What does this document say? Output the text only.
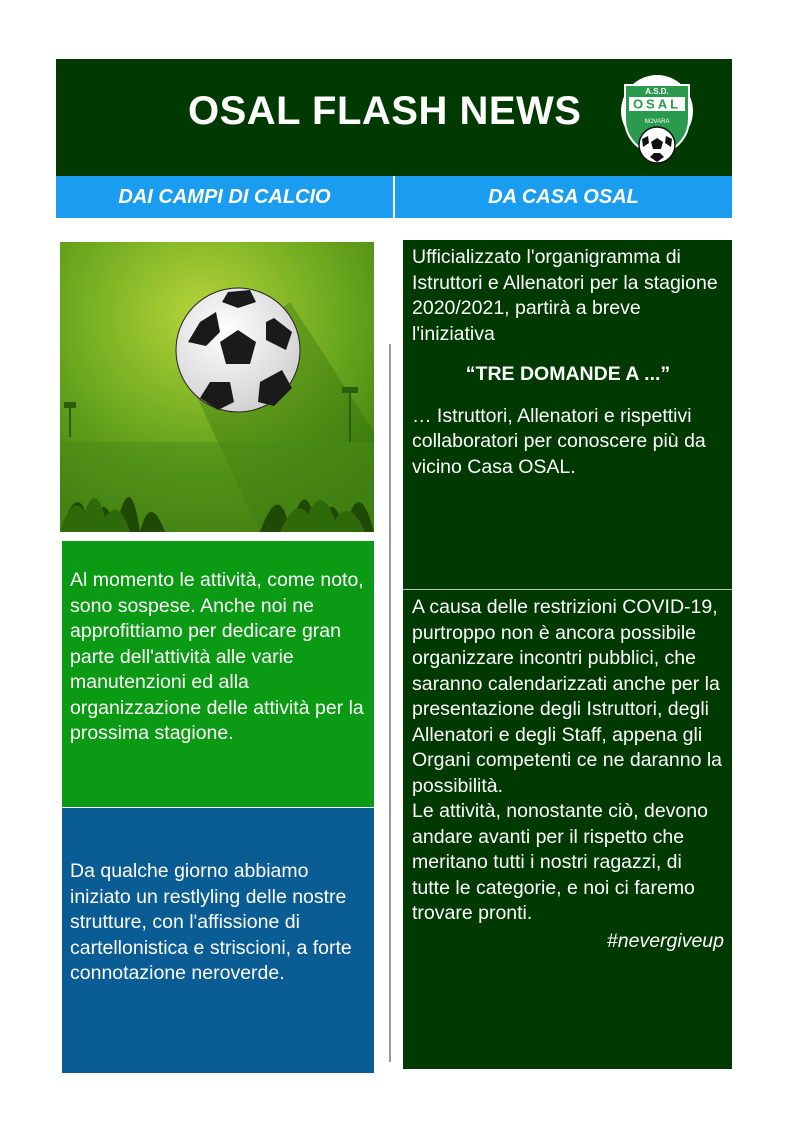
OSAL FLASH NEWS	A.S.D.
OSAL
NOVARA
DAI CAMPI DI CALCIO	DA CASA OSAL
Al momento le attività, come noto, sono sospese. Anche noi ne approfittiamo per dedicare gran parte dell'attività alle varie manutenzioni ed alla organizzazione delle attività per la prossima stagione.
Da qualche giorno abbiamo iniziato un restlyling delle nostre strutture, con l'affissione di cartellonistica e striscioni, a forte connotazione neroverde.
Ufficializzato l'organigramma di Istruttori e Allenatori per la stagione 2020/2021, partirà a breve l'iniziativa
“TRE DOMANDE A ...”
… Istruttori, Allenatori e rispettivi collaboratori per conoscere più da vicino Casa OSAL.
A causa delle restrizioni COVID-19, purtroppo non è ancora possibile organizzare incontri pubblici, che saranno calendarizzati anche per la presentazione degli Istruttori, degli Allenatori e degli Staff, appena gli Organi competenti ce ne daranno la possibilità.
Le attività, nonostante ciò, devono andare avanti per il rispetto che meritano tutti i nostri ragazzi, di tutte le categorie, e noi ci faremo trovare pronti.
#nevergiveup
